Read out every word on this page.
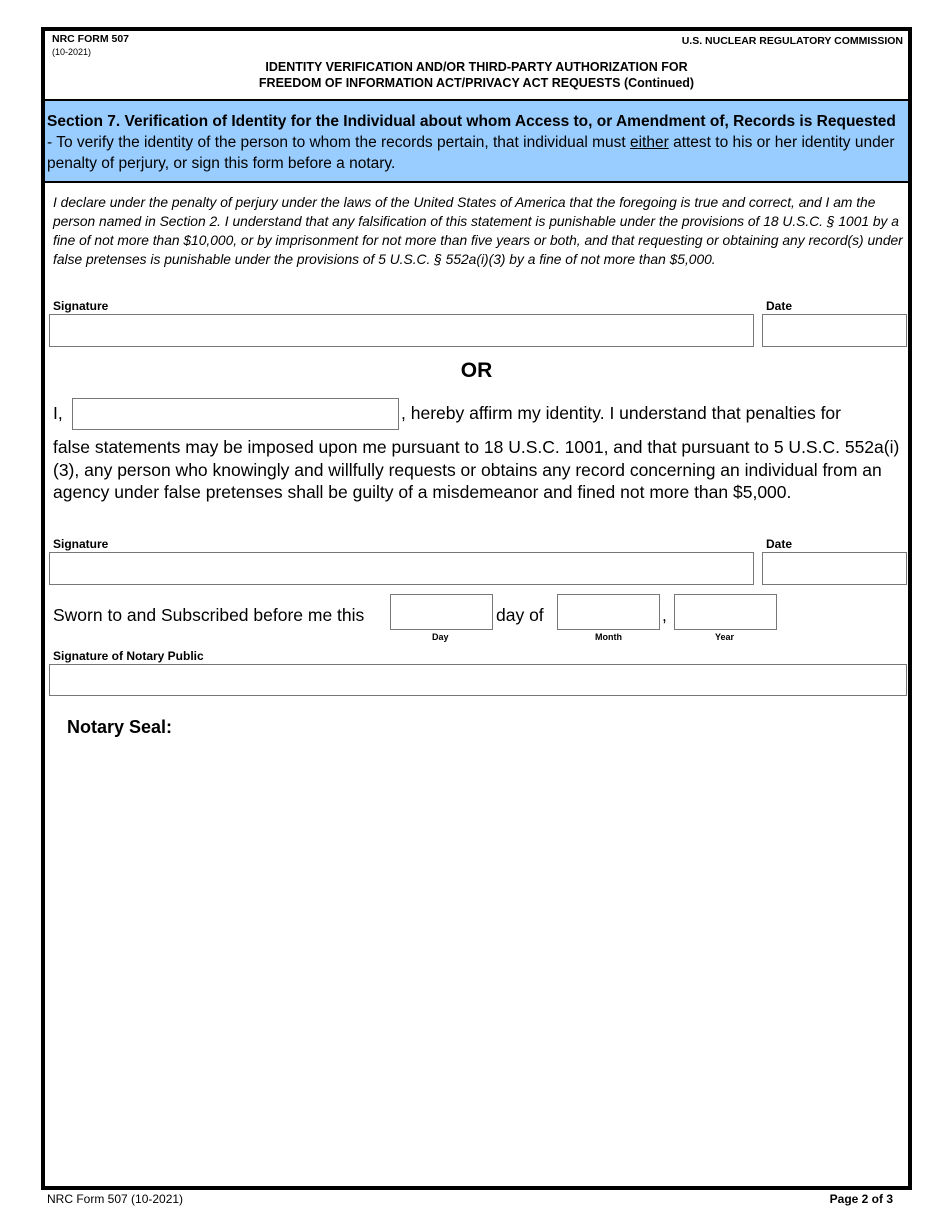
NRC FORM 507
(10-2021)
U.S. NUCLEAR REGULATORY COMMISSION
IDENTITY VERIFICATION AND/OR THIRD-PARTY AUTHORIZATION FOR
FREEDOM OF INFORMATION ACT/PRIVACY ACT REQUESTS (Continued)
Section 7. Verification of Identity for the Individual about whom Access to, or Amendment of, Records is Requested - To verify the identity of the person to whom the records pertain, that individual must either attest to his or her identity under penalty of perjury, or sign this form before a notary.
I declare under the penalty of perjury under the laws of the United States of America that the foregoing is true and correct, and I am the person named in Section 2. I understand that any falsification of this statement is punishable under the provisions of 18 U.S.C. § 1001 by a fine of not more than $10,000, or by imprisonment for not more than five years or both, and that requesting or obtaining any record(s) under false pretenses is punishable under the provisions of 5 U.S.C. § 552a(i)(3) by a fine of not more than $5,000.
Signature	Date
OR
I,	, hereby affirm my identity. I understand that penalties for
false statements may be imposed upon me pursuant to 18 U.S.C. 1001, and that pursuant to 5 U.S.C. 552a(i)(3), any person who knowingly and willfully requests or obtains any record concerning an individual from an agency under false pretenses shall be guilty of a misdemeanor and fined not more than $5,000.
Signature	Date
Sworn to and Subscribed before me this
Day
day of
Month
,
Year
Signature of Notary Public
Notary Seal:
NRC Form 507 (10-2021)	Page 2 of 3
